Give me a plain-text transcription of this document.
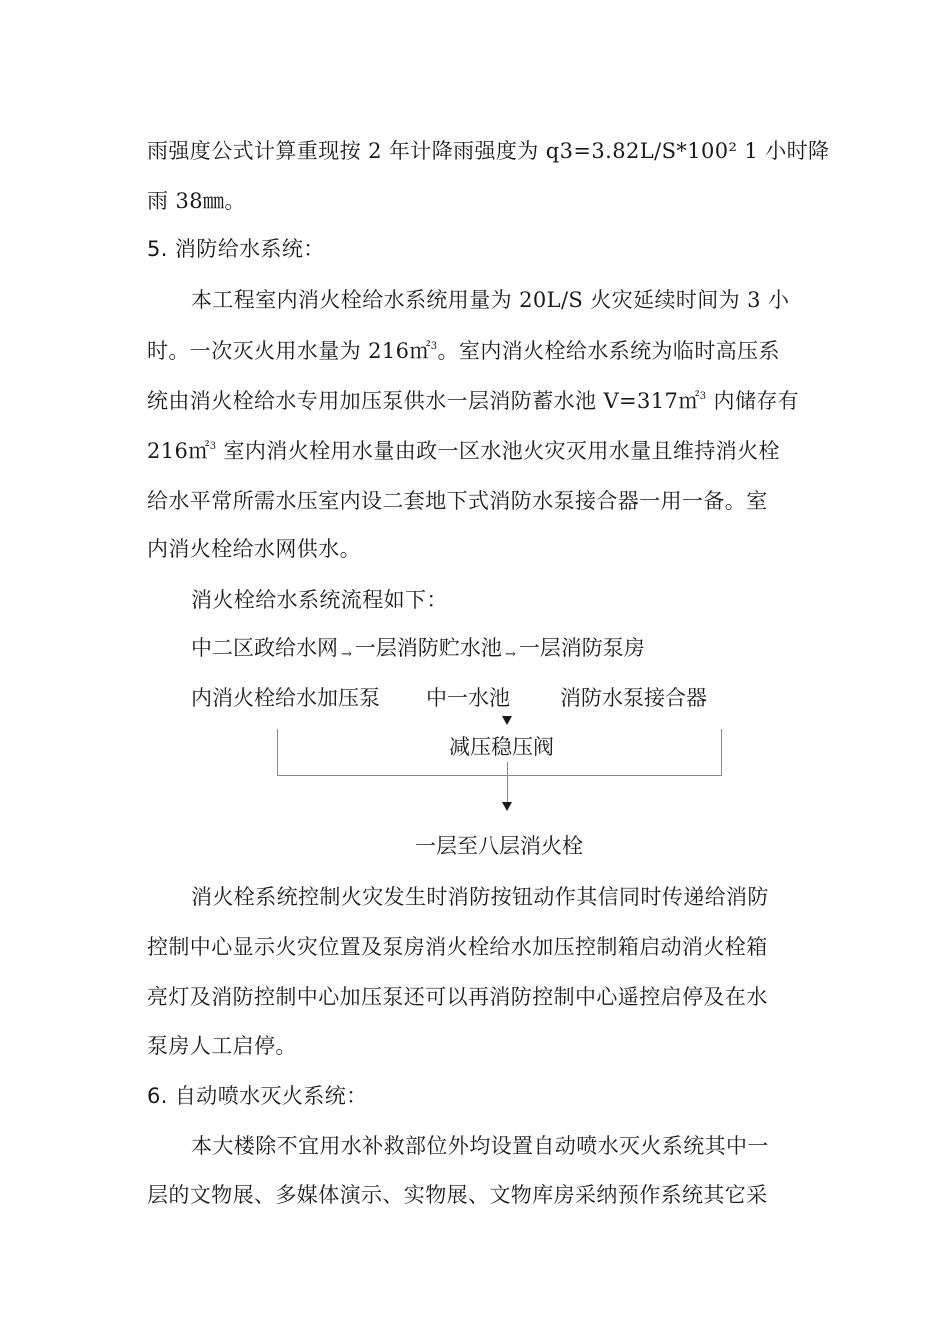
雨强度公式计算重现按 2 年计降雨强度为 q3=3.82L/S*100² 1 小时降
雨 38㎜。
5. 消防给水系统：
本工程室内消火栓给水系统用量为 20L/S 火灾延续时间为 3 小
时。一次灭火用水量为 216㎡$^3$。室内消火栓给水系统为临时高压系
统由消火栓给水专用加压泵供水一层消防蓄水池 V=317㎡$^3$ 内储存有
216㎡$^3$ 室内消火栓用水量由政一区水池火灾灭用水量且维持消火栓
给水平常所需水压室内设二套地下式消防水泵接合器一用一备。室
内消火栓给水网供水。
消火栓给水系统流程如下：
中二区政给水网 → 一层消防贮水池 → 一层消防泵房
内消火栓给水加压泵 中一水池 消防水泵接合器
减压稳压阀
一层至八层消火栓
消火栓系统控制火灾发生时消防按钮动作其信同时传递给消防
控制中心显示火灾位置及泵房消火栓给水加压控制箱启动消火栓箱
亮灯及消防控制中心加压泵还可以再消防控制中心遥控启停及在水
泵房人工启停。
6. 自动喷水灭火系统：
本大楼除不宜用水补救部位外均设置自动喷水灭火系统其中一
层的文物展、多媒体演示、实物展、文物库房采纳预作系统其它采
